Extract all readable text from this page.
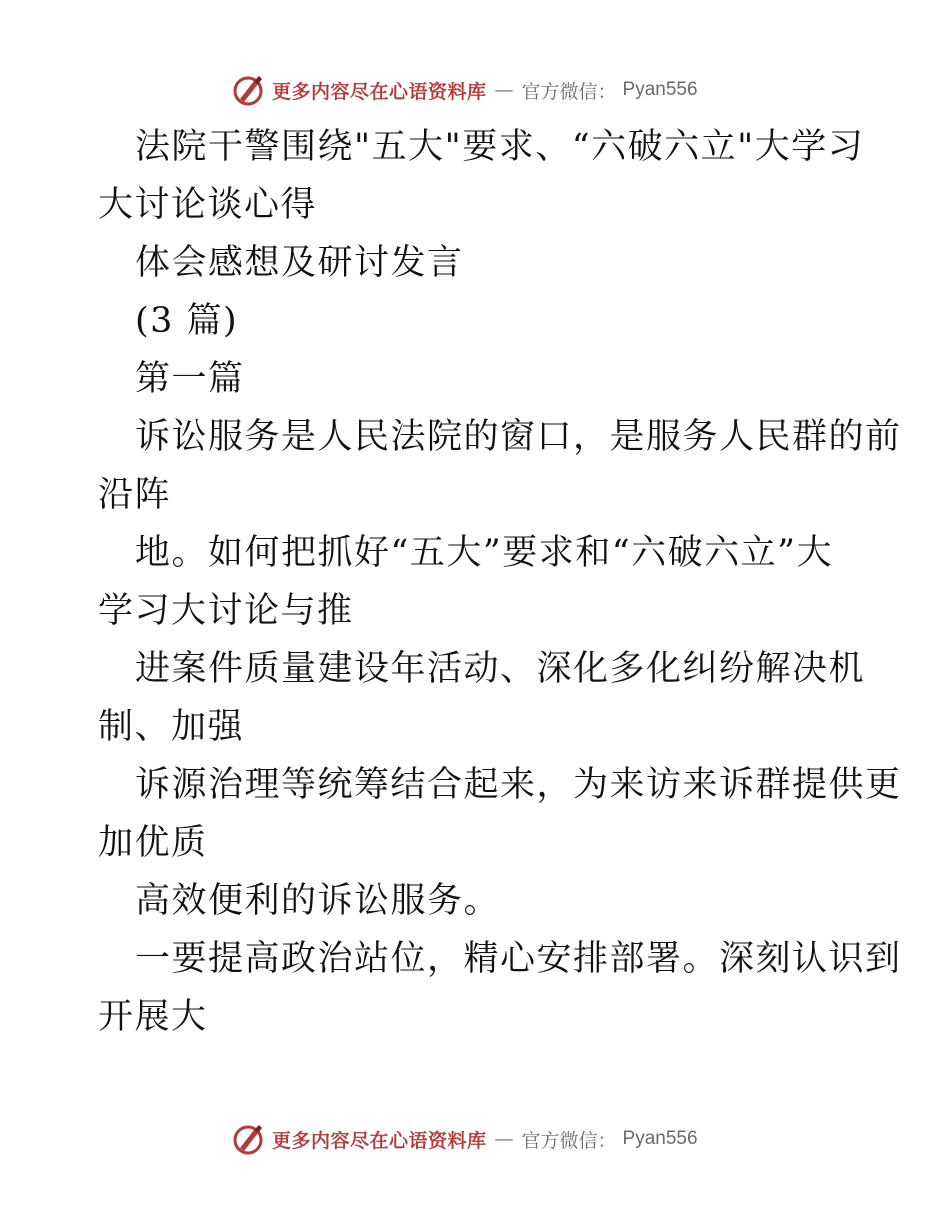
更多内容尽在心语资料库 — 官方微信： Pyan556
法院干警围绕"五大"要求、“六破六立"大学习
大讨论谈心得
体会感想及研讨发言
(3 篇)
第一篇
诉讼服务是人民法院的窗口，是服务人民群的前
沿阵
地。如何把抓好“五大”要求和“六破六立”大
学习大讨论与推
进案件质量建设年活动、深化多化纠纷解决机
制、加强
诉源治理等统筹结合起来，为来访来诉群提供更
加优质
高效便利的诉讼服务。
一要提高政治站位，精心安排部署。深刻认识到
开展大
更多内容尽在心语资料库 — 官方微信： Pyan556
